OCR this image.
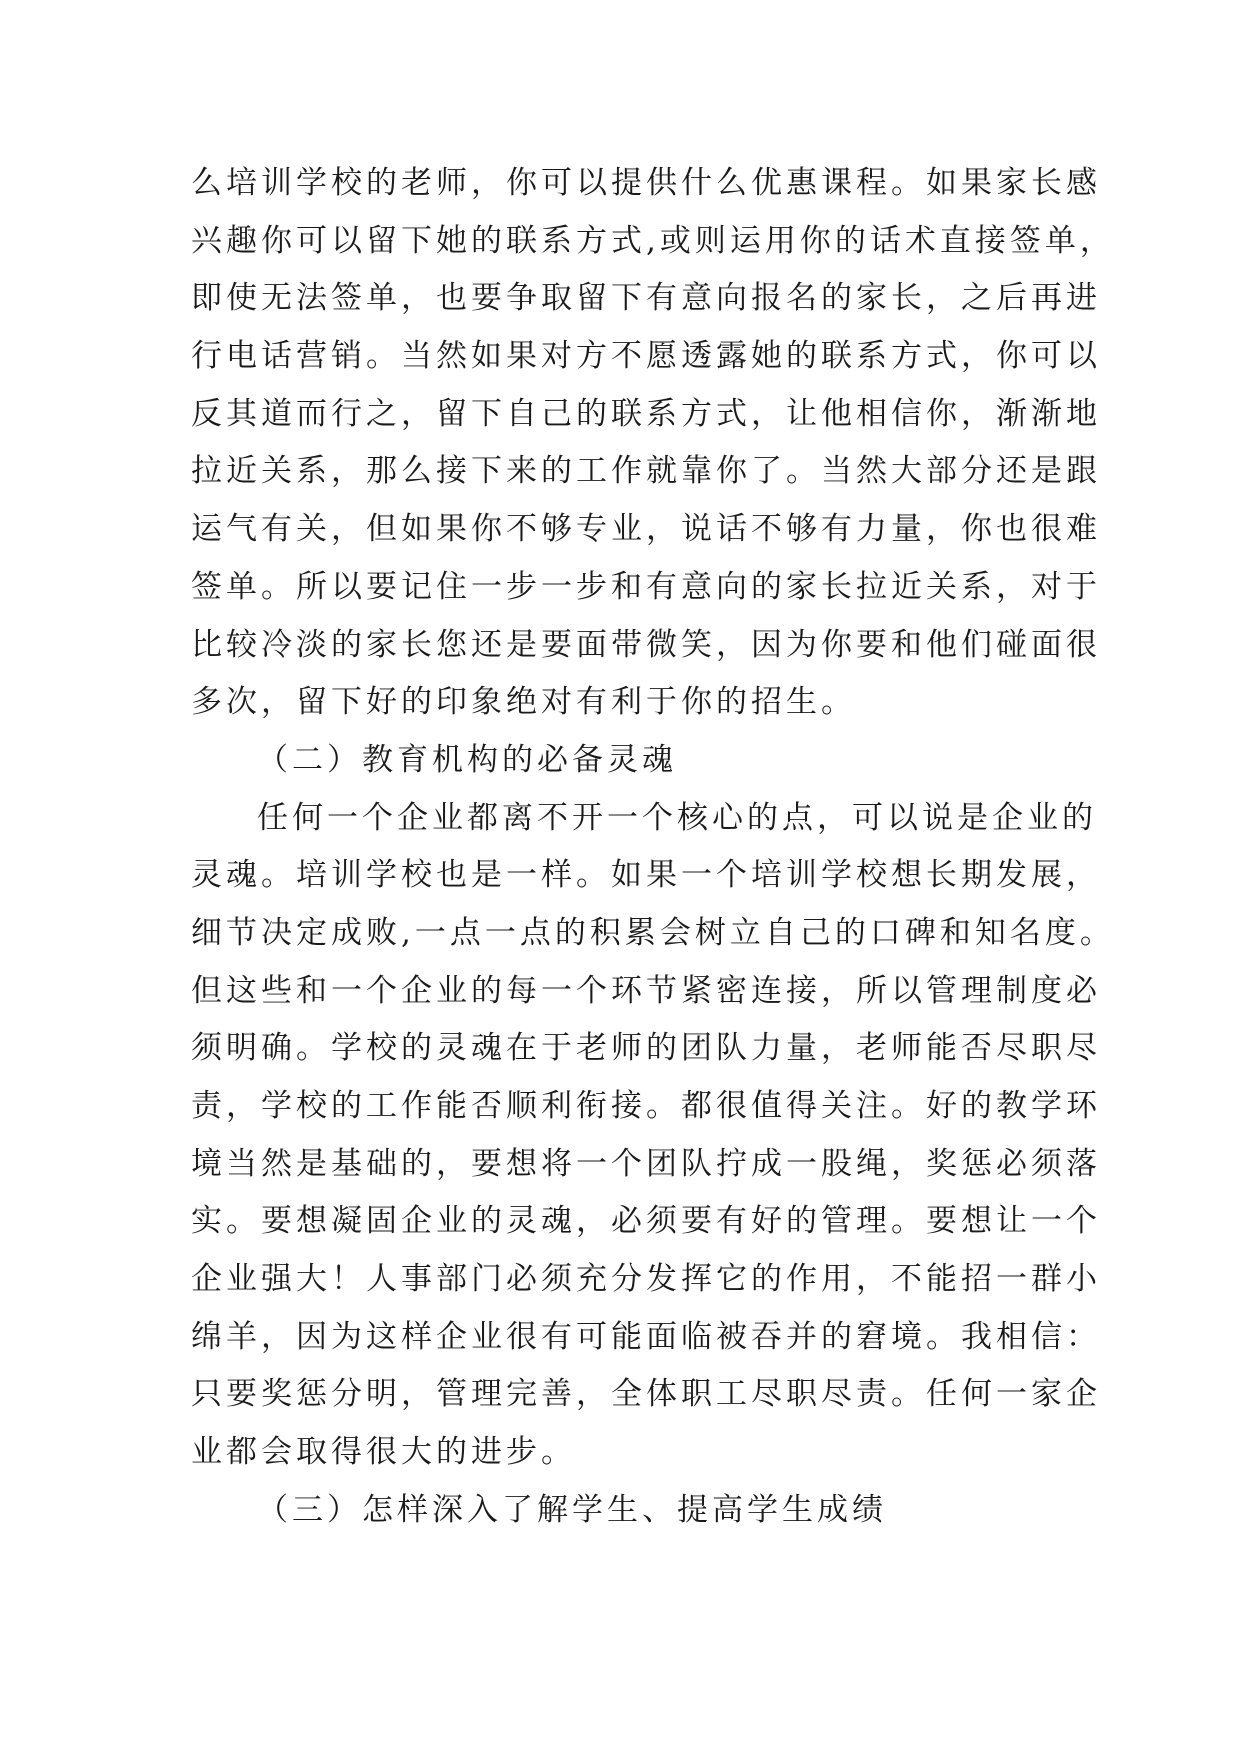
么培训学校的老师，你可以提供什么优惠课程。如果家长感

兴趣你可以留下她的联系方式,或则运用你的话术直接签单，

即使无法签单，也要争取留下有意向报名的家长，之后再进

行电话营销。当然如果对方不愿透露她的联系方式，你可以

反其道而行之，留下自己的联系方式，让他相信你，渐渐地

拉近关系，那么接下来的工作就靠你了。当然大部分还是跟

运气有关，但如果你不够专业，说话不够有力量，你也很难

签单。所以要记住一步一步和有意向的家长拉近关系，对于

比较冷淡的家长您还是要面带微笑，因为你要和他们碰面很

多次，留下好的印象绝对有利于你的招生。

（二）教育机构的必备灵魂

任何一个企业都离不开一个核心的点，可以说是企业的

灵魂。培训学校也是一样。如果一个培训学校想长期发展，

细节决定成败,一点一点的积累会树立自己的口碑和知名度。

但这些和一个企业的每一个环节紧密连接，所以管理制度必

须明确。学校的灵魂在于老师的团队力量，老师能否尽职尽

责，学校的工作能否顺利衔接。都很值得关注。好的教学环

境当然是基础的，要想将一个团队拧成一股绳，奖惩必须落

实。要想凝固企业的灵魂，必须要有好的管理。要想让一个

企业强大！人事部门必须充分发挥它的作用，不能招一群小

绵羊，因为这样企业很有可能面临被吞并的窘境。我相信：

只要奖惩分明，管理完善，全体职工尽职尽责。任何一家企

业都会取得很大的进步。

（三）怎样深入了解学生、提高学生成绩
